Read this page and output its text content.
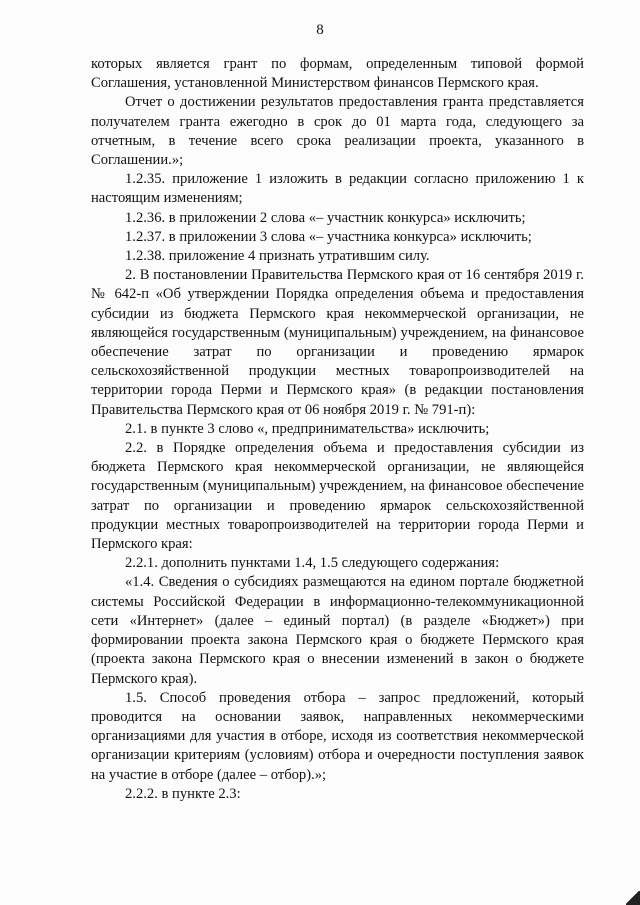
8

которых является грант по формам, определенным типовой формой Соглашения, установленной Министерством финансов Пермского края.

Отчет о достижении результатов предоставления гранта представляется получателем гранта ежегодно в срок до 01 марта года, следующего за отчетным, в течение всего срока реализации проекта, указанного в Соглашении.»;

1.2.35. приложение 1 изложить в редакции согласно приложению 1 к настоящим изменениям;

1.2.36. в приложении 2 слова «– участник конкурса» исключить;

1.2.37. в приложении 3 слова «– участника конкурса» исключить;

1.2.38. приложение 4 признать утратившим силу.

2. В постановлении Правительства Пермского края от 16 сентября 2019 г. № 642-п «Об утверждении Порядка определения объема и предоставления субсидии из бюджета Пермского края некоммерческой организации, не являющейся государственным (муниципальным) учреждением, на финансовое обеспечение затрат по организации и проведению ярмарок сельскохозяйственной продукции местных товаропроизводителей на территории города Перми и Пермского края» (в редакции постановления Правительства Пермского края от 06 ноября 2019 г. № 791-п):

2.1. в пункте 3 слово «, предпринимательства» исключить;

2.2. в Порядке определения объема и предоставления субсидии из бюджета Пермского края некоммерческой организации, не являющейся государственным (муниципальным) учреждением, на финансовое обеспечение затрат по организации и проведению ярмарок сельскохозяйственной продукции местных товаропроизводителей на территории города Перми и Пермского края:

2.2.1. дополнить пунктами 1.4, 1.5 следующего содержания:

«1.4. Сведения о субсидиях размещаются на едином портале бюджетной системы Российской Федерации в информационно-телекоммуникационной сети «Интернет» (далее – единый портал) (в разделе «Бюджет») при формировании проекта закона Пермского края о бюджете Пермского края (проекта закона Пермского края о внесении изменений в закон о бюджете Пермского края).

1.5. Способ проведения отбора – запрос предложений, который проводится на основании заявок, направленных некоммерческими организациями для участия в отборе, исходя из соответствия некоммерческой организации критериям (условиям) отбора и очередности поступления заявок на участие в отборе (далее – отбор).»;

2.2.2. в пункте 2.3:
